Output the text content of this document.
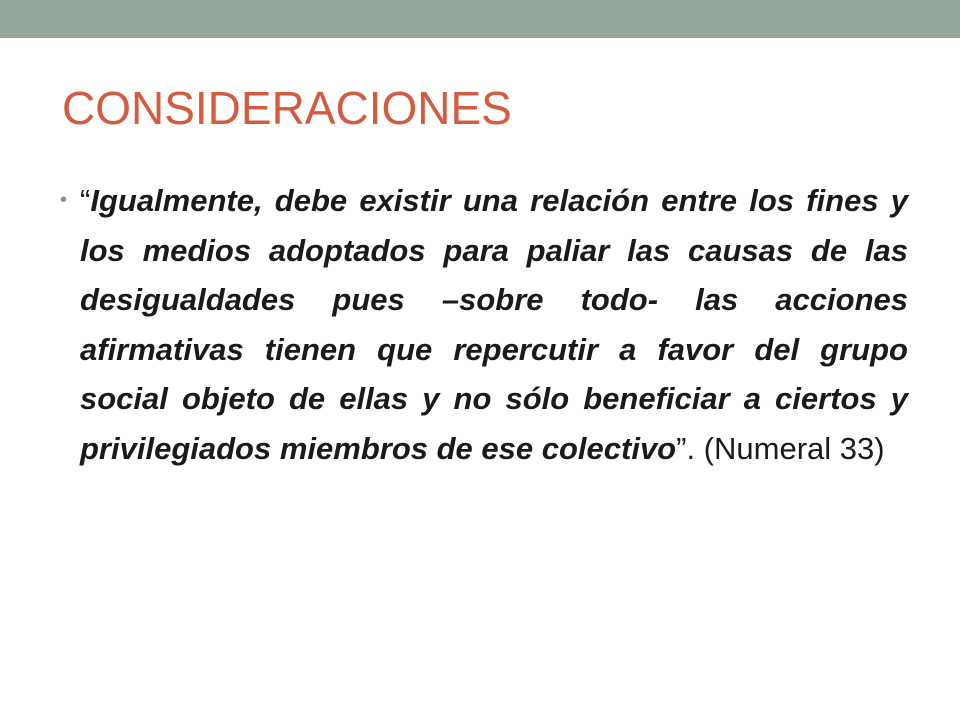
CONSIDERACIONES
• “Igualmente, debe existir una relación entre los fines y los medios adoptados para paliar las causas de las desigualdades pues –sobre todo- las acciones afirmativas tienen que repercutir a favor del grupo social objeto de ellas y no sólo beneficiar a ciertos y privilegiados miembros de ese colectivo”. (Numeral 33)
